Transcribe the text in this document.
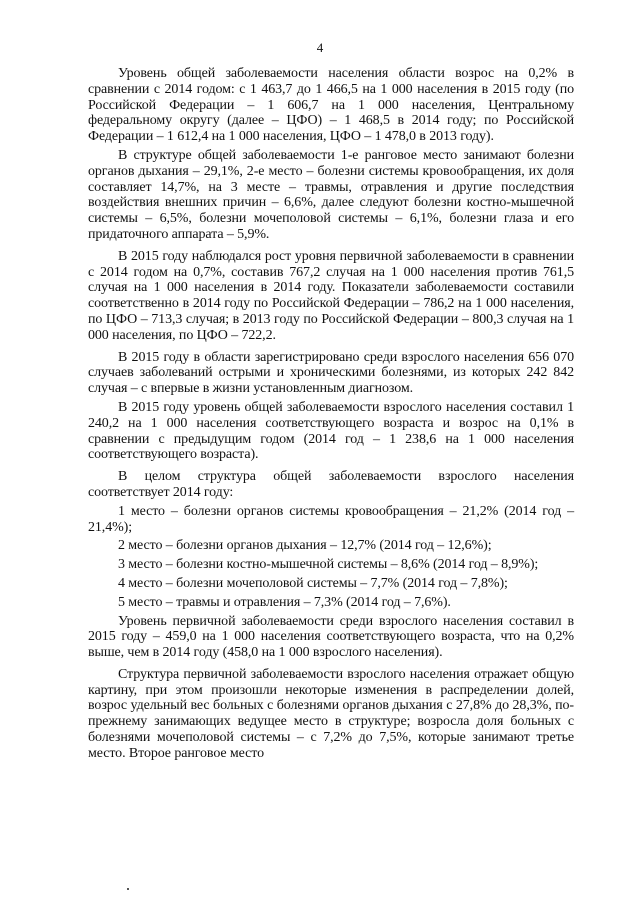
4

Уровень общей заболеваемости населения области возрос на 0,2% в сравнении с 2014 годом: с 1 463,7 до 1 466,5 на 1 000 населения в 2015 году (по Российской Федерации – 1 606,7 на 1 000 населения, Центральному федеральному округу (далее – ЦФО) – 1 468,5 в 2014 году; по Российской Федерации – 1 612,4 на 1 000 населения, ЦФО – 1 478,0 в 2013 году).

В структуре общей заболеваемости 1-е ранговое место занимают болезни органов дыхания – 29,1%, 2-е место – болезни системы кровообращения, их доля составляет 14,7%, на 3 месте – травмы, отравления и другие последствия воздействия внешних причин – 6,6%, далее следуют болезни костно-мышечной системы – 6,5%, болезни мочеполовой системы – 6,1%, болезни глаза и его придаточного аппарата – 5,9%.

В 2015 году наблюдался рост уровня первичной заболеваемости в сравнении с 2014 годом на 0,7%, составив 767,2 случая на 1 000 населения против 761,5 случая на 1 000 населения в 2014 году. Показатели заболеваемости составили соответственно в 2014 году по Российской Федерации – 786,2 на 1 000 населения, по ЦФО – 713,3 случая; в 2013 году по Российской Федерации – 800,3 случая на 1 000 населения, по ЦФО – 722,2.

В 2015 году в области зарегистрировано среди взрослого населения 656 070 случаев заболеваний острыми и хроническими болезнями, из которых 242 842 случая – с впервые в жизни установленным диагнозом.

В 2015 году уровень общей заболеваемости взрослого населения составил 1 240,2 на 1 000 населения соответствующего возраста и возрос на 0,1% в сравнении с предыдущим годом (2014 год – 1 238,6 на 1 000 населения соответствующего возраста).

В целом структура общей заболеваемости взрослого населения соответствует 2014 году:

1 место – болезни органов системы кровообращения – 21,2% (2014 год – 21,4%);

2 место – болезни органов дыхания – 12,7% (2014 год – 12,6%);

3 место – болезни костно-мышечной системы – 8,6% (2014 год – 8,9%);

4 место – болезни мочеполовой системы – 7,7% (2014 год – 7,8%);

5 место – травмы и отравления – 7,3% (2014 год – 7,6%).

Уровень первичной заболеваемости среди взрослого населения составил в 2015 году – 459,0 на 1 000 населения соответствующего возраста, что на 0,2% выше, чем в 2014 году (458,0 на 1 000 взрослого населения).

Структура первичной заболеваемости взрослого населения отражает общую картину, при этом произошли некоторые изменения в распределении долей, возрос удельный вес больных с болезнями органов дыхания с 27,8% до 28,3%, по-прежнему занимающих ведущее место в структуре; возросла доля больных с болезнями мочеполовой системы – с 7,2% до 7,5%, которые занимают третье место. Второе ранговое место
